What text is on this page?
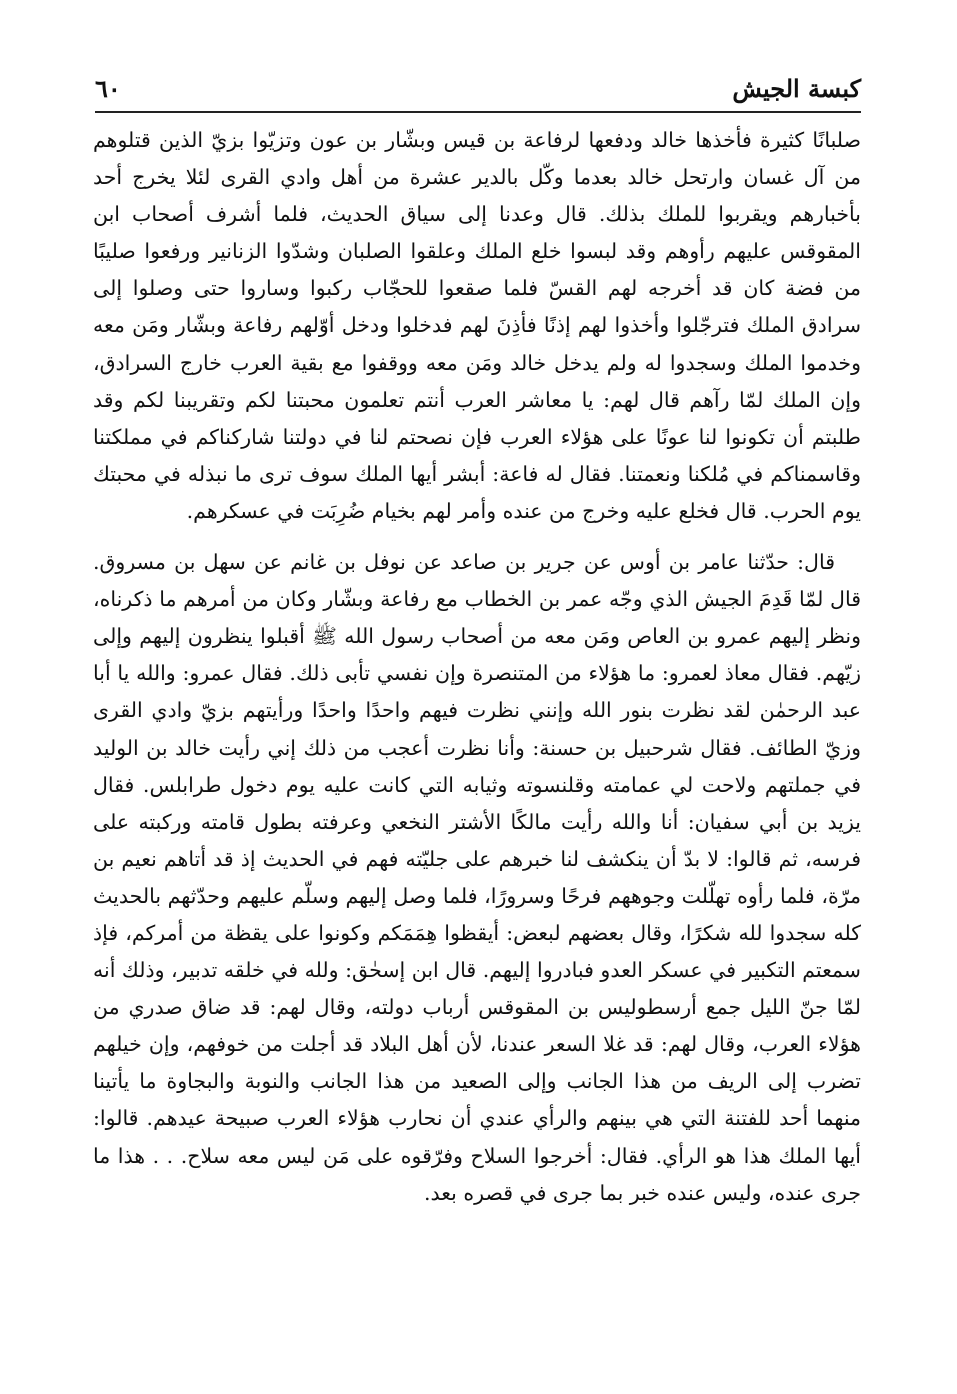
كبسة الجيش
٦٠

صلبانًا كثيرة فأخذها خالد ودفعها لرفاعة بن قيس وبشّار بن عون وتزيّوا بزيّ الذين قتلوهم من آل غسان وارتحل خالد بعدما وكّل بالدير عشرة من أهل وادي القرى لئلا يخرج أحد بأخبارهم ويقربوا للملك بذلك. قال وعدنا إلى سياق الحديث، فلما أشرف أصحاب ابن المقوقس عليهم رأوهم وقد لبسوا خلع الملك وعلقوا الصلبان وشدّوا الزنانير ورفعوا صليبًا من فضة كان قد أخرجه لهم القسّ فلما صقعوا للحجّاب ركبوا وساروا حتى وصلوا إلى سرادق الملك فترجّلوا وأخذوا لهم إذنًا فأذِنَ لهم فدخلوا ودخل أوّلهم رفاعة وبشّار ومَن معه وخدموا الملك وسجدوا له ولم يدخل خالد ومَن معه ووقفوا مع بقية العرب خارج السرادق، وإن الملك لمّا رآهم قال لهم: يا معاشر العرب أنتم تعلمون محبتنا لكم وتقريبنا لكم وقد طلبتم أن تكونوا لنا عونًا على هؤلاء العرب فإن نصحتم لنا في دولتنا شاركناكم في مملكتنا وقاسمناكم في مُلكنا ونعمتنا. فقال له فاعة: أبشر أيها الملك سوف ترى ما نبذله في محبتك يوم الحرب. قال فخلع عليه وخرج من عنده وأمر لهم بخيام ضُرِبَت في عسكرهم.

قال: حدّثنا عامر بن أوس عن جرير بن صاعد عن نوفل بن غانم عن سهل بن مسروق. قال لمّا قَدِمَ الجيش الذي وجّه عمر بن الخطاب مع رفاعة وبشّار وكان من أمرهم ما ذكرناه، ونظر إليهم عمرو بن العاص ومَن معه من أصحاب رسول الله ﷺ أقبلوا ينظرون إليهم وإلى زيّهم. فقال معاذ لعمرو: ما هؤلاء من المتنصرة وإن نفسي تأبى ذلك. فقال عمرو: والله يا أبا عبد الرحمٰن لقد نظرت بنور الله وإنني نظرت فيهم واحدًا واحدًا ورأيتهم بزيّ وادي القرى وزيّ الطائف. فقال شرحبيل بن حسنة: وأنا نظرت أعجب من ذلك إني رأيت خالد بن الوليد في جملتهم ولاحت لي عمامته وقلنسوته وثيابه التي كانت عليه يوم دخول طرابلس. فقال يزيد بن أبي سفيان: أنا والله رأيت مالكًا الأشتر النخعي وعرفته بطول قامته وركبته على فرسه، ثم قالوا: لا بدّ أن ينكشف لنا خبرهم على جليّته فهم في الحديث إذ قد أتاهم نعيم بن مرّة، فلما رأوه تهلّلت وجوههم فرحًا وسرورًا، فلما وصل إليهم وسلّم عليهم وحدّثهم بالحديث كله سجدوا لله شكرًا، وقال بعضهم لبعض: أيقظوا هِمَمَكم وكونوا على يقظة من أمركم، فإذ سمعتم التكبير في عسكر العدو فبادروا إليهم. قال ابن إسحٰق: ولله في خلقه تدبير، وذلك أنه لمّا جنّ الليل جمع أرسطوليس بن المقوقس أرباب دولته، وقال لهم: قد ضاق صدري من هؤلاء العرب، وقال لهم: قد غلا السعر عندنا، لأن أهل البلاد قد أجلت من خوفهم، وإن خيلهم تضرب إلى الريف من هذا الجانب وإلى الصعيد من هذا الجانب والنوبة والبجاوة ما يأتينا منهما أحد للفتنة التي هي بينهم والرأي عندي أن نحارب هؤلاء العرب صبيحة عيدهم. قالوا: أيها الملك هذا هو الرأي. فقال: أخرجوا السلاح وفرّقوه على مَن ليس معه سلاح. . . هذا ما جرى عنده، وليس عنده خبر بما جرى في قصره بعد.
